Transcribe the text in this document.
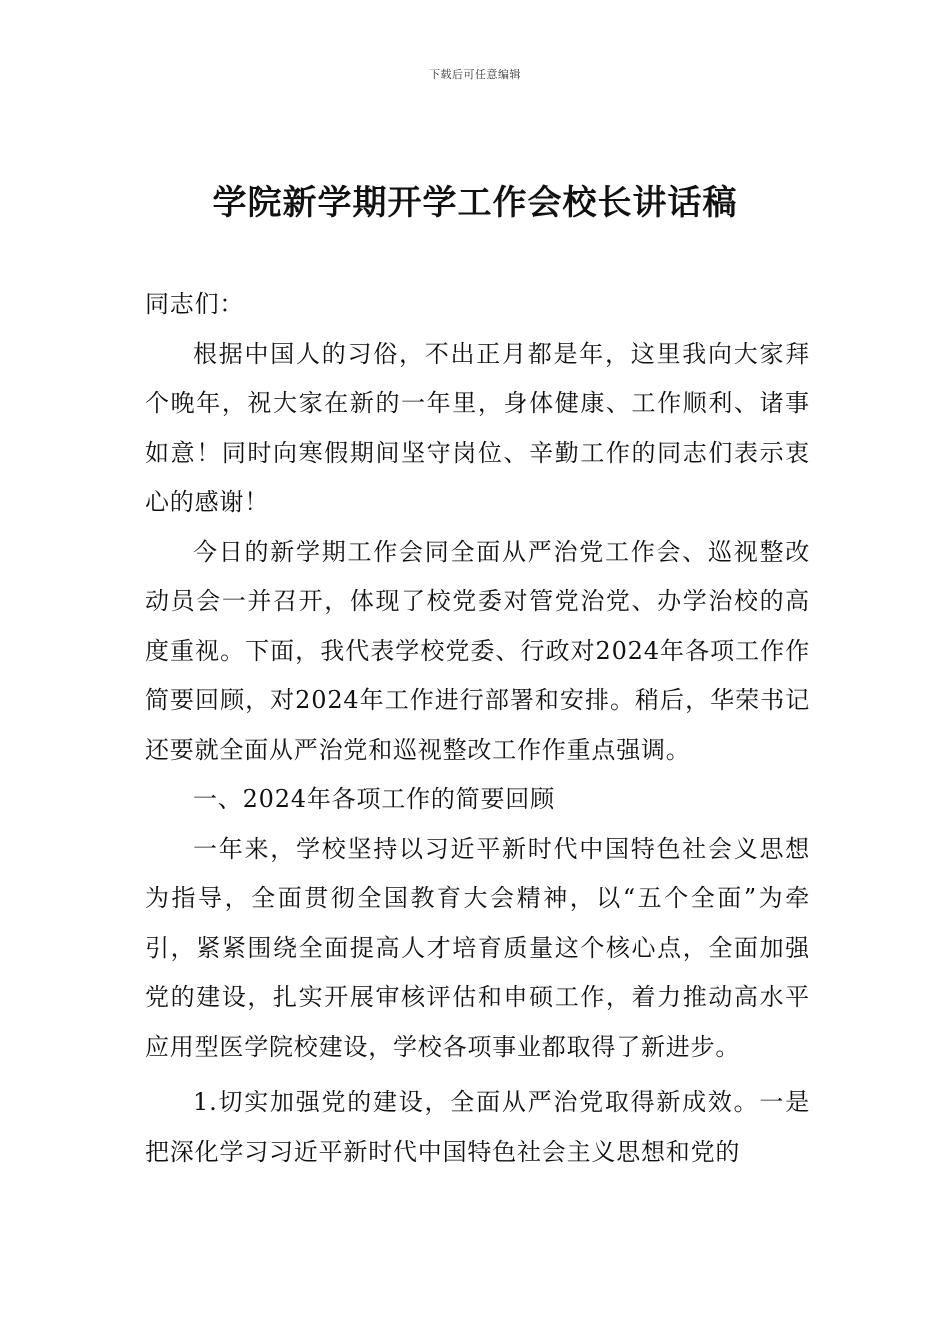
下载后可任意编辑
学院新学期开学工作会校长讲话稿

同志们：

根据中国人的习俗，不出正月都是年，这里我向大家拜个晚年，祝大家在新的一年里，身体健康、工作顺利、诸事如意！同时向寒假期间坚守岗位、辛勤工作的同志们表示衷心的感谢！

今日的新学期工作会同全面从严治党工作会、巡视整改动员会一并召开，体现了校党委对管党治党、办学治校的高度重视。下面，我代表学校党委、行政对2024年各项工作作简要回顾，对2024年工作进行部署和安排。稍后，华荣书记还要就全面从严治党和巡视整改工作作重点强调。

一、2024年各项工作的简要回顾

一年来，学校坚持以习近平新时代中国特色社会义思想为指导，全面贯彻全国教育大会精神，以“五个全面”为牵引，紧紧围绕全面提高人才培育质量这个核心点，全面加强党的建设，扎实开展审核评估和申硕工作，着力推动高水平应用型医学院校建设，学校各项事业都取得了新进步。

1.切实加强党的建设，全面从严治党取得新成效。一是把深化学习习近平新时代中国特色社会主义思想和党的
